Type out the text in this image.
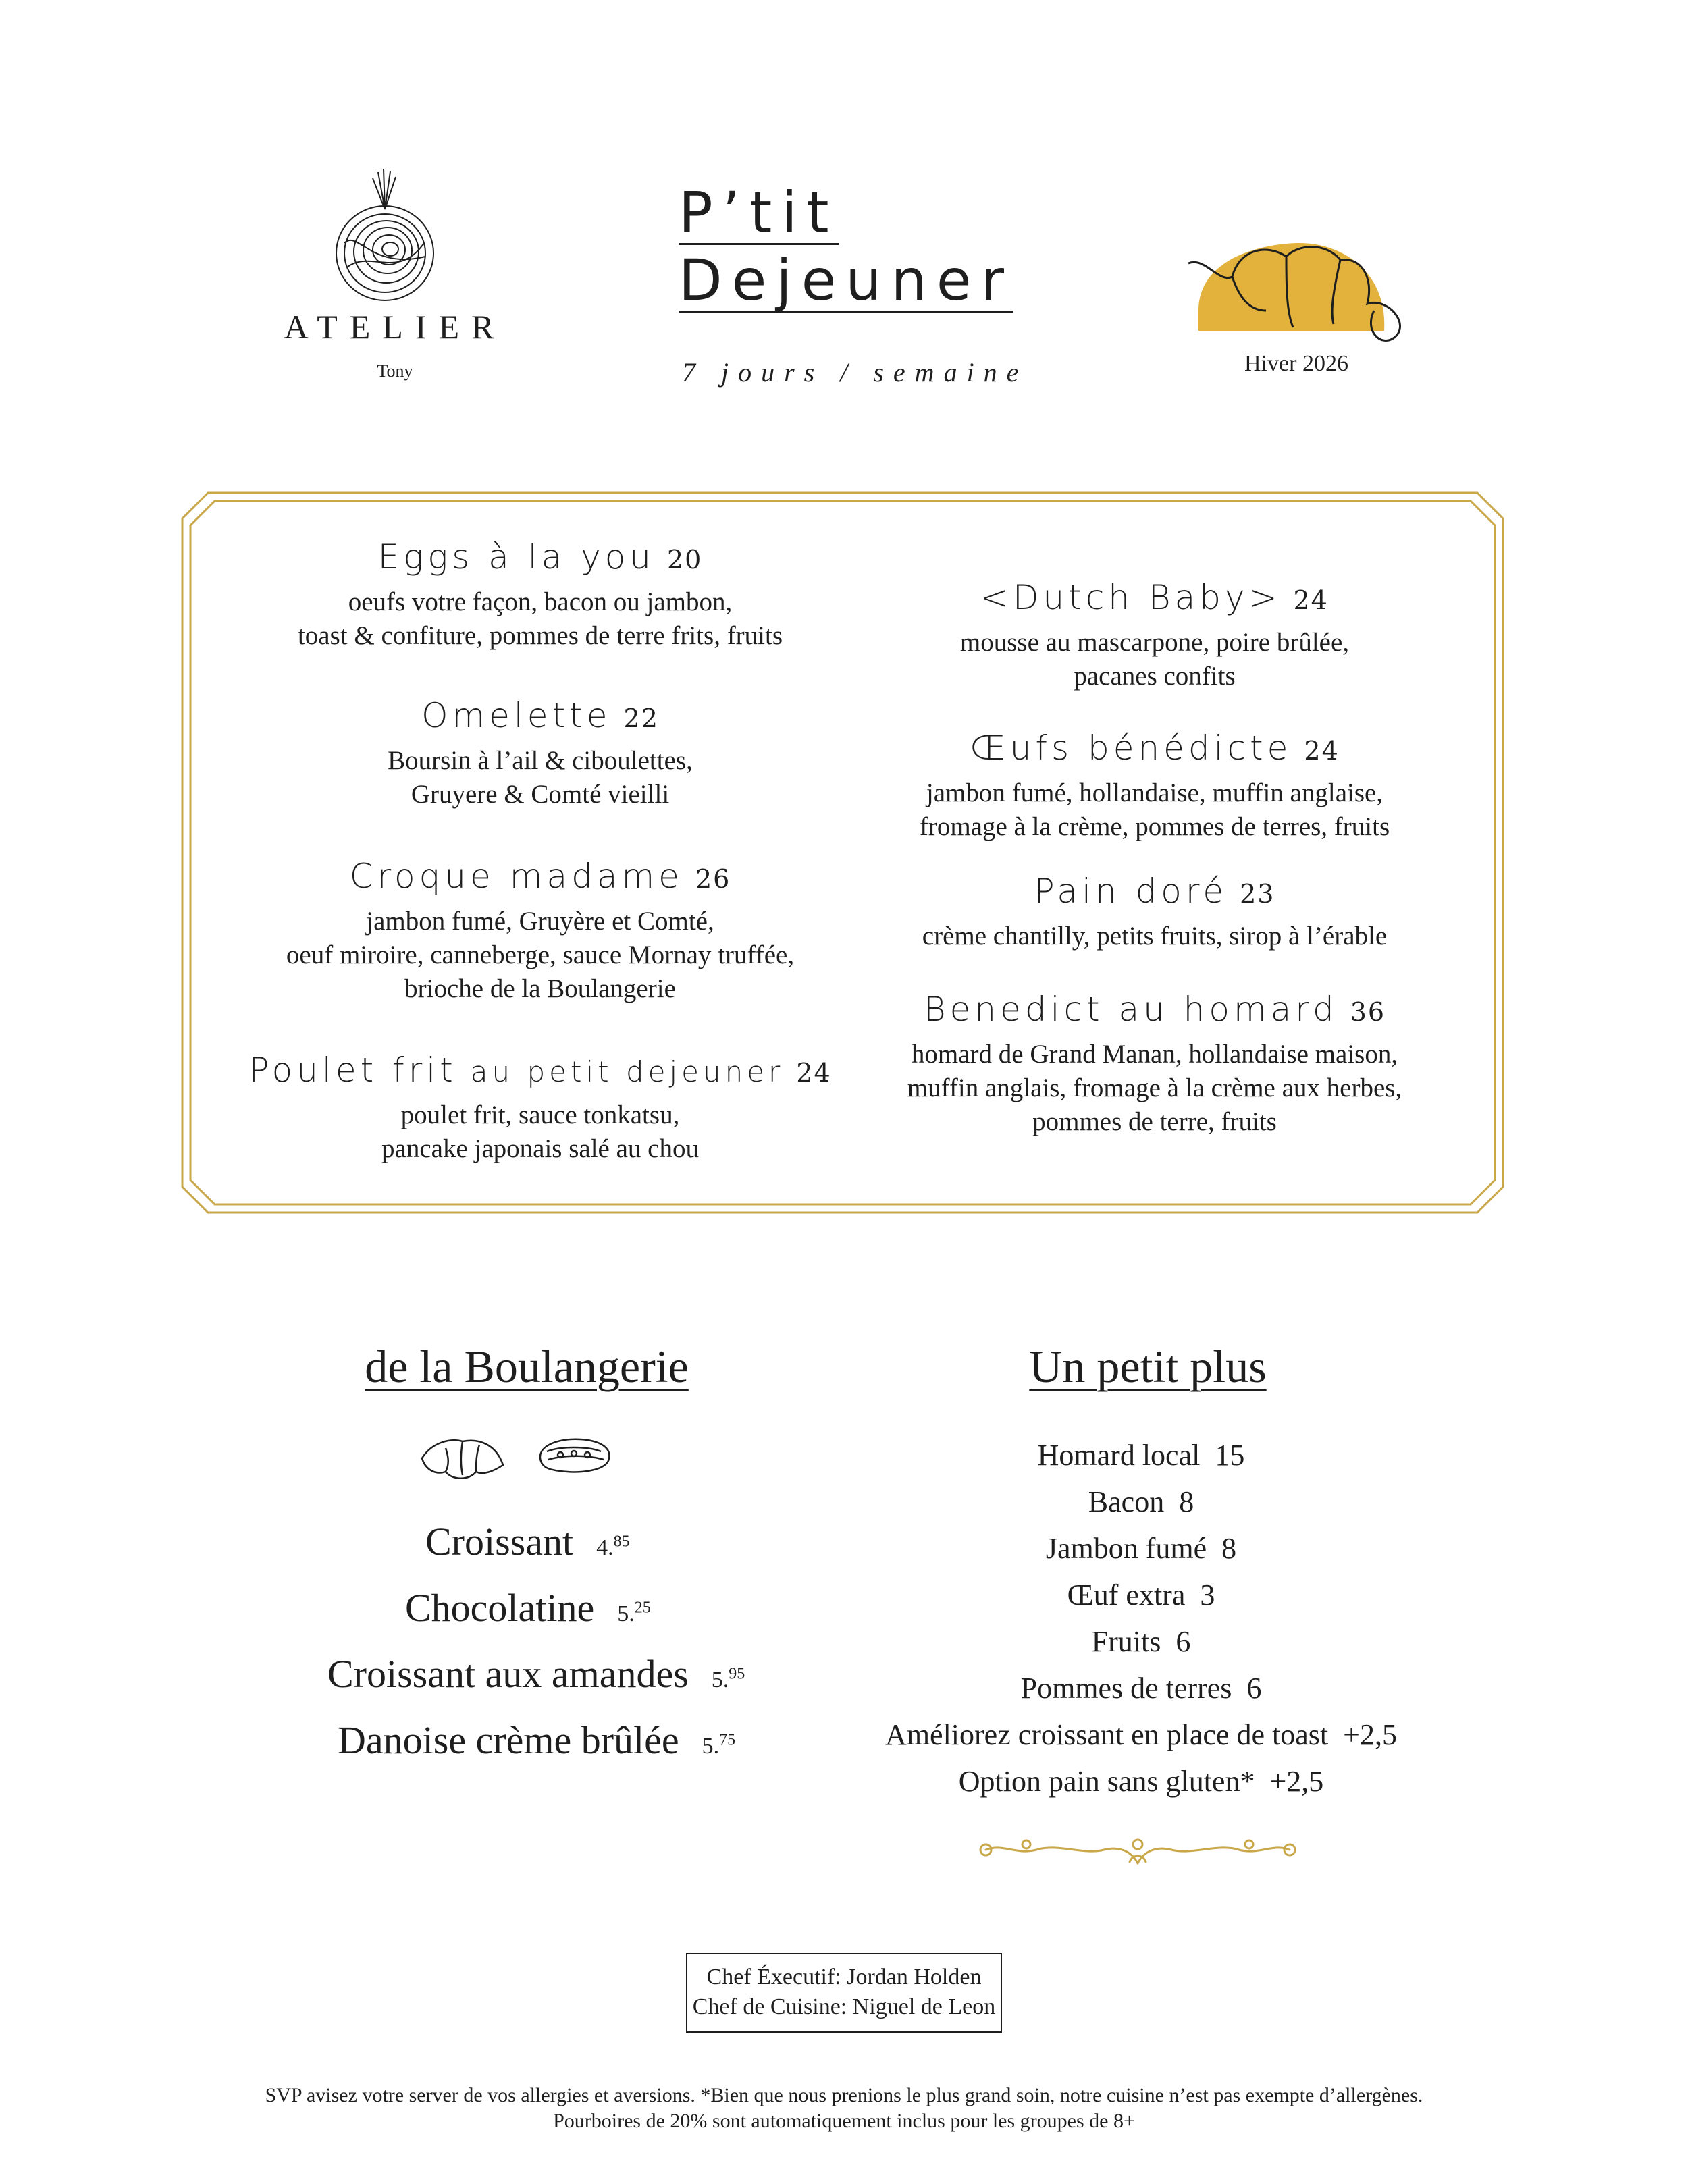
ATELIER
Tony
P’tit
Dejeuner
7 jours / semaine	Hiver 2026
Eggs à la you 20
oeufs votre façon, bacon ou jambon,
toast & confiture, pommes de terre frits, fruits
Omelette 22
Boursin à l’ail & ciboulettes,
Gruyere & Comté vieilli
Croque madame 26
jambon fumé, Gruyère et Comté,
oeuf miroire, canneberge, sauce Mornay truffée,
brioche de la Boulangerie
Poulet frit au petit dejeuner 24
poulet frit, sauce tonkatsu,
pancake japonais salé au chou
<Dutch Baby> 24
mousse au mascarpone, poire brûlée,
pacanes confits
Œufs bénédicte 24
jambon fumé, hollandaise, muffin anglaise,
fromage à la crème, pommes de terres, fruits
Pain doré 23
crème chantilly, petits fruits, sirop à l’érable
Benedict au homard 36
homard de Grand Manan, hollandaise maison,
muffin anglais, fromage à la crème aux herbes,
pommes de terre, fruits
de la Boulangerie
Croissant 4.85
Chocolatine 5.25
Croissant aux amandes 5.95
Danoise crème brûlée 5.75
Un petit plus
Homard local 15
Bacon 8
Jambon fumé 8
Œuf extra 3
Fruits 6
Pommes de terres 6
Améliorez croissant en place de toast +2,5
Option pain sans gluten* +2,5
Chef Éxecutif: Jordan Holden
Chef de Cuisine: Niguel de Leon
SVP avisez votre server de vos allergies et aversions. *Bien que nous prenions le plus grand soin, notre cuisine n’est pas exempte d’allergènes.
Pourboires de 20% sont automatiquement inclus pour les groupes de 8+
